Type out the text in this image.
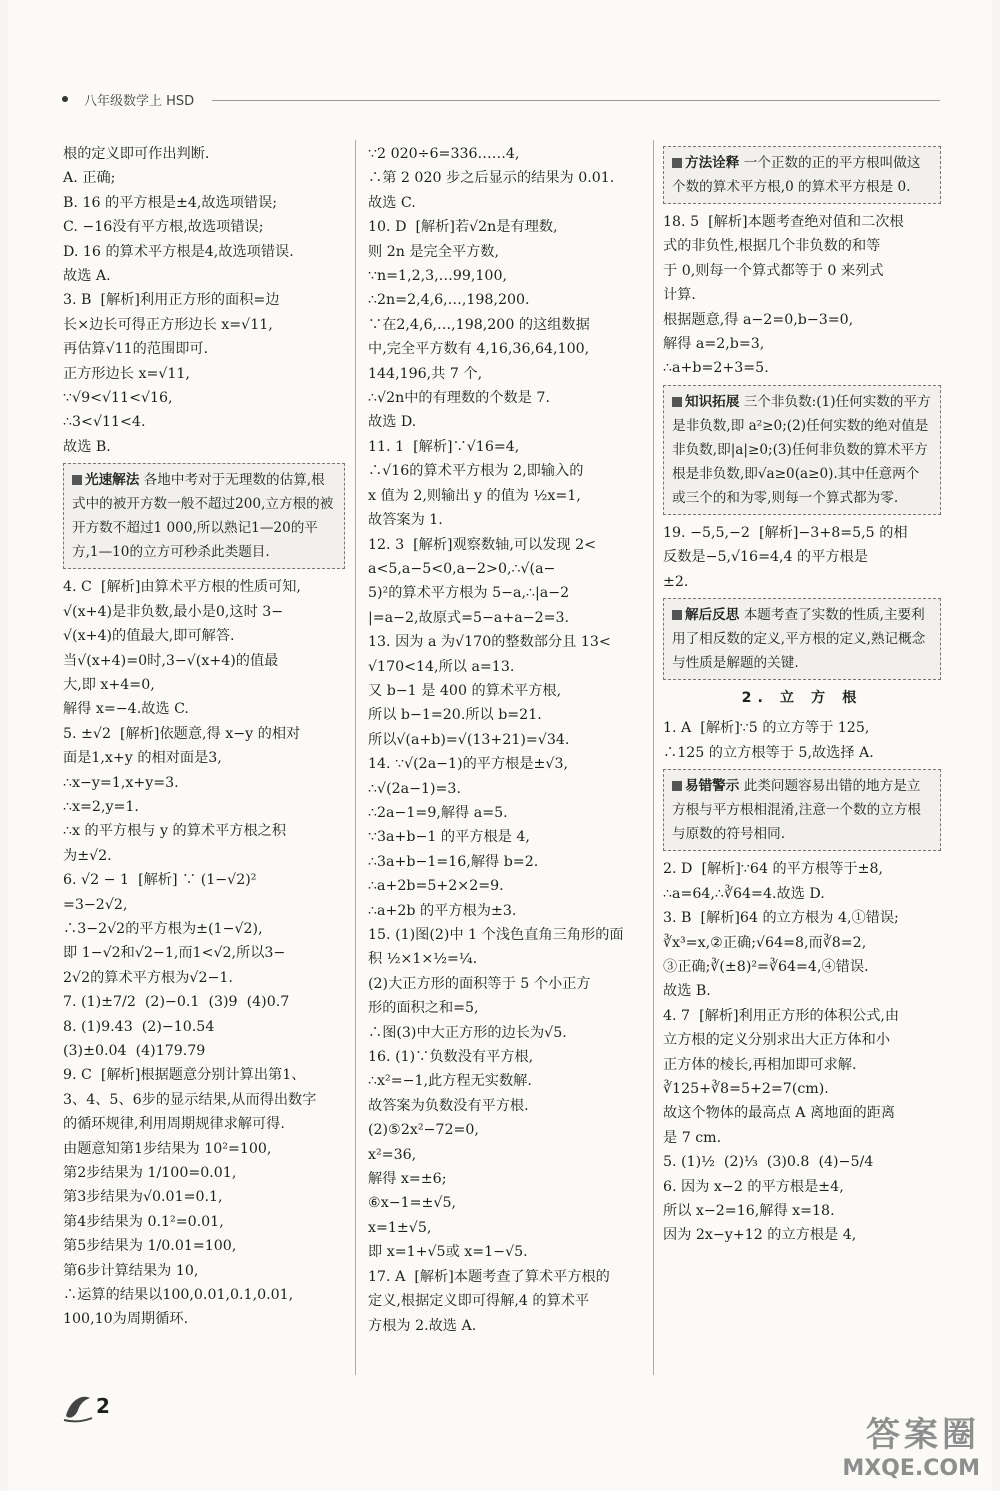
八年级数学上 HSD
根的定义即可作出判断.
A. 正确;
B. 16 的平方根是±4,故选项错误;
C. −16没有平方根,故选项错误;
D. 16 的算术平方根是4,故选项错误.
故选 A.
3. B  [解析]利用正方形的面积=边
长×边长可得正方形边长 x=√11,
再估算√11的范围即可.
正方形边长 x=√11,
∵√9<√11<√16,
∴3<√11<4.
故选 B.
光速解法 各地中考对于无理数的估算,根式中的被开方数一般不超过200,立方根的被开方数不超过1 000,所以熟记1—20的平方,1—10的立方可秒杀此类题目.
4. C  [解析]由算术平方根的性质可知,
√(x+4)是非负数,最小是0,这时 3−
√(x+4)的值最大,即可解答.
当√(x+4)=0时,3−√(x+4)的值最
大,即 x+4=0,
解得 x=−4.故选 C.
5. ±√2  [解析]依题意,得 x−y 的相对
面是1,x+y 的相对面是3,
∴x−y=1,x+y=3.
∴x=2,y=1.
∴x 的平方根与 y 的算术平方根之积
为±√2.
6. √2 − 1  [解析] ∵ (1−√2)²
=3−2√2,
∴3−2√2的平方根为±(1−√2),
即 1−√2和√2−1,而1<√2,所以3−
2√2的算术平方根为√2−1.
7. (1)±7/2  (2)−0.1  (3)9  (4)0.7
8. (1)9.43  (2)−10.54
(3)±0.04  (4)179.79
9. C  [解析]根据题意分别计算出第1、
3、4、5、6步的显示结果,从而得出数字
的循环规律,利用周期规律求解可得.
由题意知第1步结果为 10²=100,
第2步结果为 1/100=0.01,
第3步结果为√0.01=0.1,
第4步结果为 0.1²=0.01,
第5步结果为 1/0.01=100,
第6步计算结果为 10,
∴运算的结果以100,0.01,0.1,0.01,
100,10为周期循环.
∵2 020÷6=336……4,
∴第 2 020 步之后显示的结果为 0.01.
故选 C.
10. D  [解析]若√2n是有理数,
则 2n 是完全平方数,
∵n=1,2,3,…99,100,
∴2n=2,4,6,…,198,200.
∵在2,4,6,…,198,200 的这组数据
中,完全平方数有 4,16,36,64,100,
144,196,共 7 个,
∴√2n中的有理数的个数是 7.
故选 D.
11. 1  [解析]∵√16=4,
∴√16的算术平方根为 2,即输入的
x 值为 2,则输出 y 的值为 ½x=1,
故答案为 1.
12. 3  [解析]观察数轴,可以发现 2<
a<5,a−5<0,a−2>0,∴√(a−
5)²的算术平方根为 5−a,∴|a−2
|=a−2,故原式=5−a+a−2=3.
13. 因为 a 为√170的整数部分且 13<
√170<14,所以 a=13.
又 b−1 是 400 的算术平方根,
所以 b−1=20.所以 b=21.
所以√(a+b)=√(13+21)=√34.
14. ∵√(2a−1)的平方根是±√3,
∴√(2a−1)=3.
∴2a−1=9,解得 a=5.
∵3a+b−1 的平方根是 4,
∴3a+b−1=16,解得 b=2.
∴a+2b=5+2×2=9.
∴a+2b 的平方根为±3.
15. (1)图(2)中 1 个浅色直角三角形的面
积 ½×1×½=¼.
(2)大正方形的面积等于 5 个小正方
形的面积之和=5,
∴图(3)中大正方形的边长为√5.
16. (1)∵负数没有平方根,
∴x²=−1,此方程无实数解.
故答案为负数没有平方根.
(2)⑤2x²−72=0,
x²=36,
解得 x=±6;
⑥x−1=±√5,
x=1±√5,
即 x=1+√5或 x=1−√5.
17. A  [解析]本题考查了算术平方根的
定义,根据定义即可得解,4 的算术平
方根为 2.故选 A.
方法诠释 一个正数的正的平方根叫做这个数的算术平方根,0 的算术平方根是 0.
18. 5  [解析]本题考查绝对值和二次根
式的非负性,根据几个非负数的和等
于 0,则每一个算式都等于 0 来列式
计算.
根据题意,得 a−2=0,b−3=0,
解得 a=2,b=3,
∴a+b=2+3=5.
知识拓展 三个非负数:(1)任何实数的平方是非负数,即 a²≥0;(2)任何实数的绝对值是非负数,即|a|≥0;(3)任何非负数的算术平方根是非负数,即√a≥0(a≥0).其中任意两个或三个的和为零,则每一个算式都为零.
19. −5,5,−2  [解析]−3+8=5,5 的相
反数是−5,√16=4,4 的平方根是
±2.
解后反思 本题考查了实数的性质,主要利用了相反数的定义,平方根的定义,熟记概念与性质是解题的关键.
2. 立 方 根
1. A  [解析]∵5 的立方等于 125,
∴125 的立方根等于 5,故选择 A.
易错警示 此类问题容易出错的地方是立方根与平方根相混淆,注意一个数的立方根与原数的符号相同.
2. D  [解析]∵64 的平方根等于±8,
∴a=64,∴∛64=4.故选 D.
3. B  [解析]64 的立方根为 4,①错误;
∛x³=x,②正确;√64=8,而∛8=2,
③正确;∛(±8)²=∛64=4,④错误.
故选 B.
4. 7  [解析]利用正方形的体积公式,由
立方根的定义分别求出大正方体和小
正方体的棱长,再相加即可求解.
∛125+∛8=5+2=7(cm).
故这个物体的最高点 A 离地面的距离
是 7 cm.
5. (1)½  (2)⅓  (3)0.8  (4)−5/4
6. 因为 x−2 的平方根是±4,
所以 x−2=16,解得 x=18.
因为 2x−y+12 的立方根是 4,
2
答案圈
MXQE.COM
